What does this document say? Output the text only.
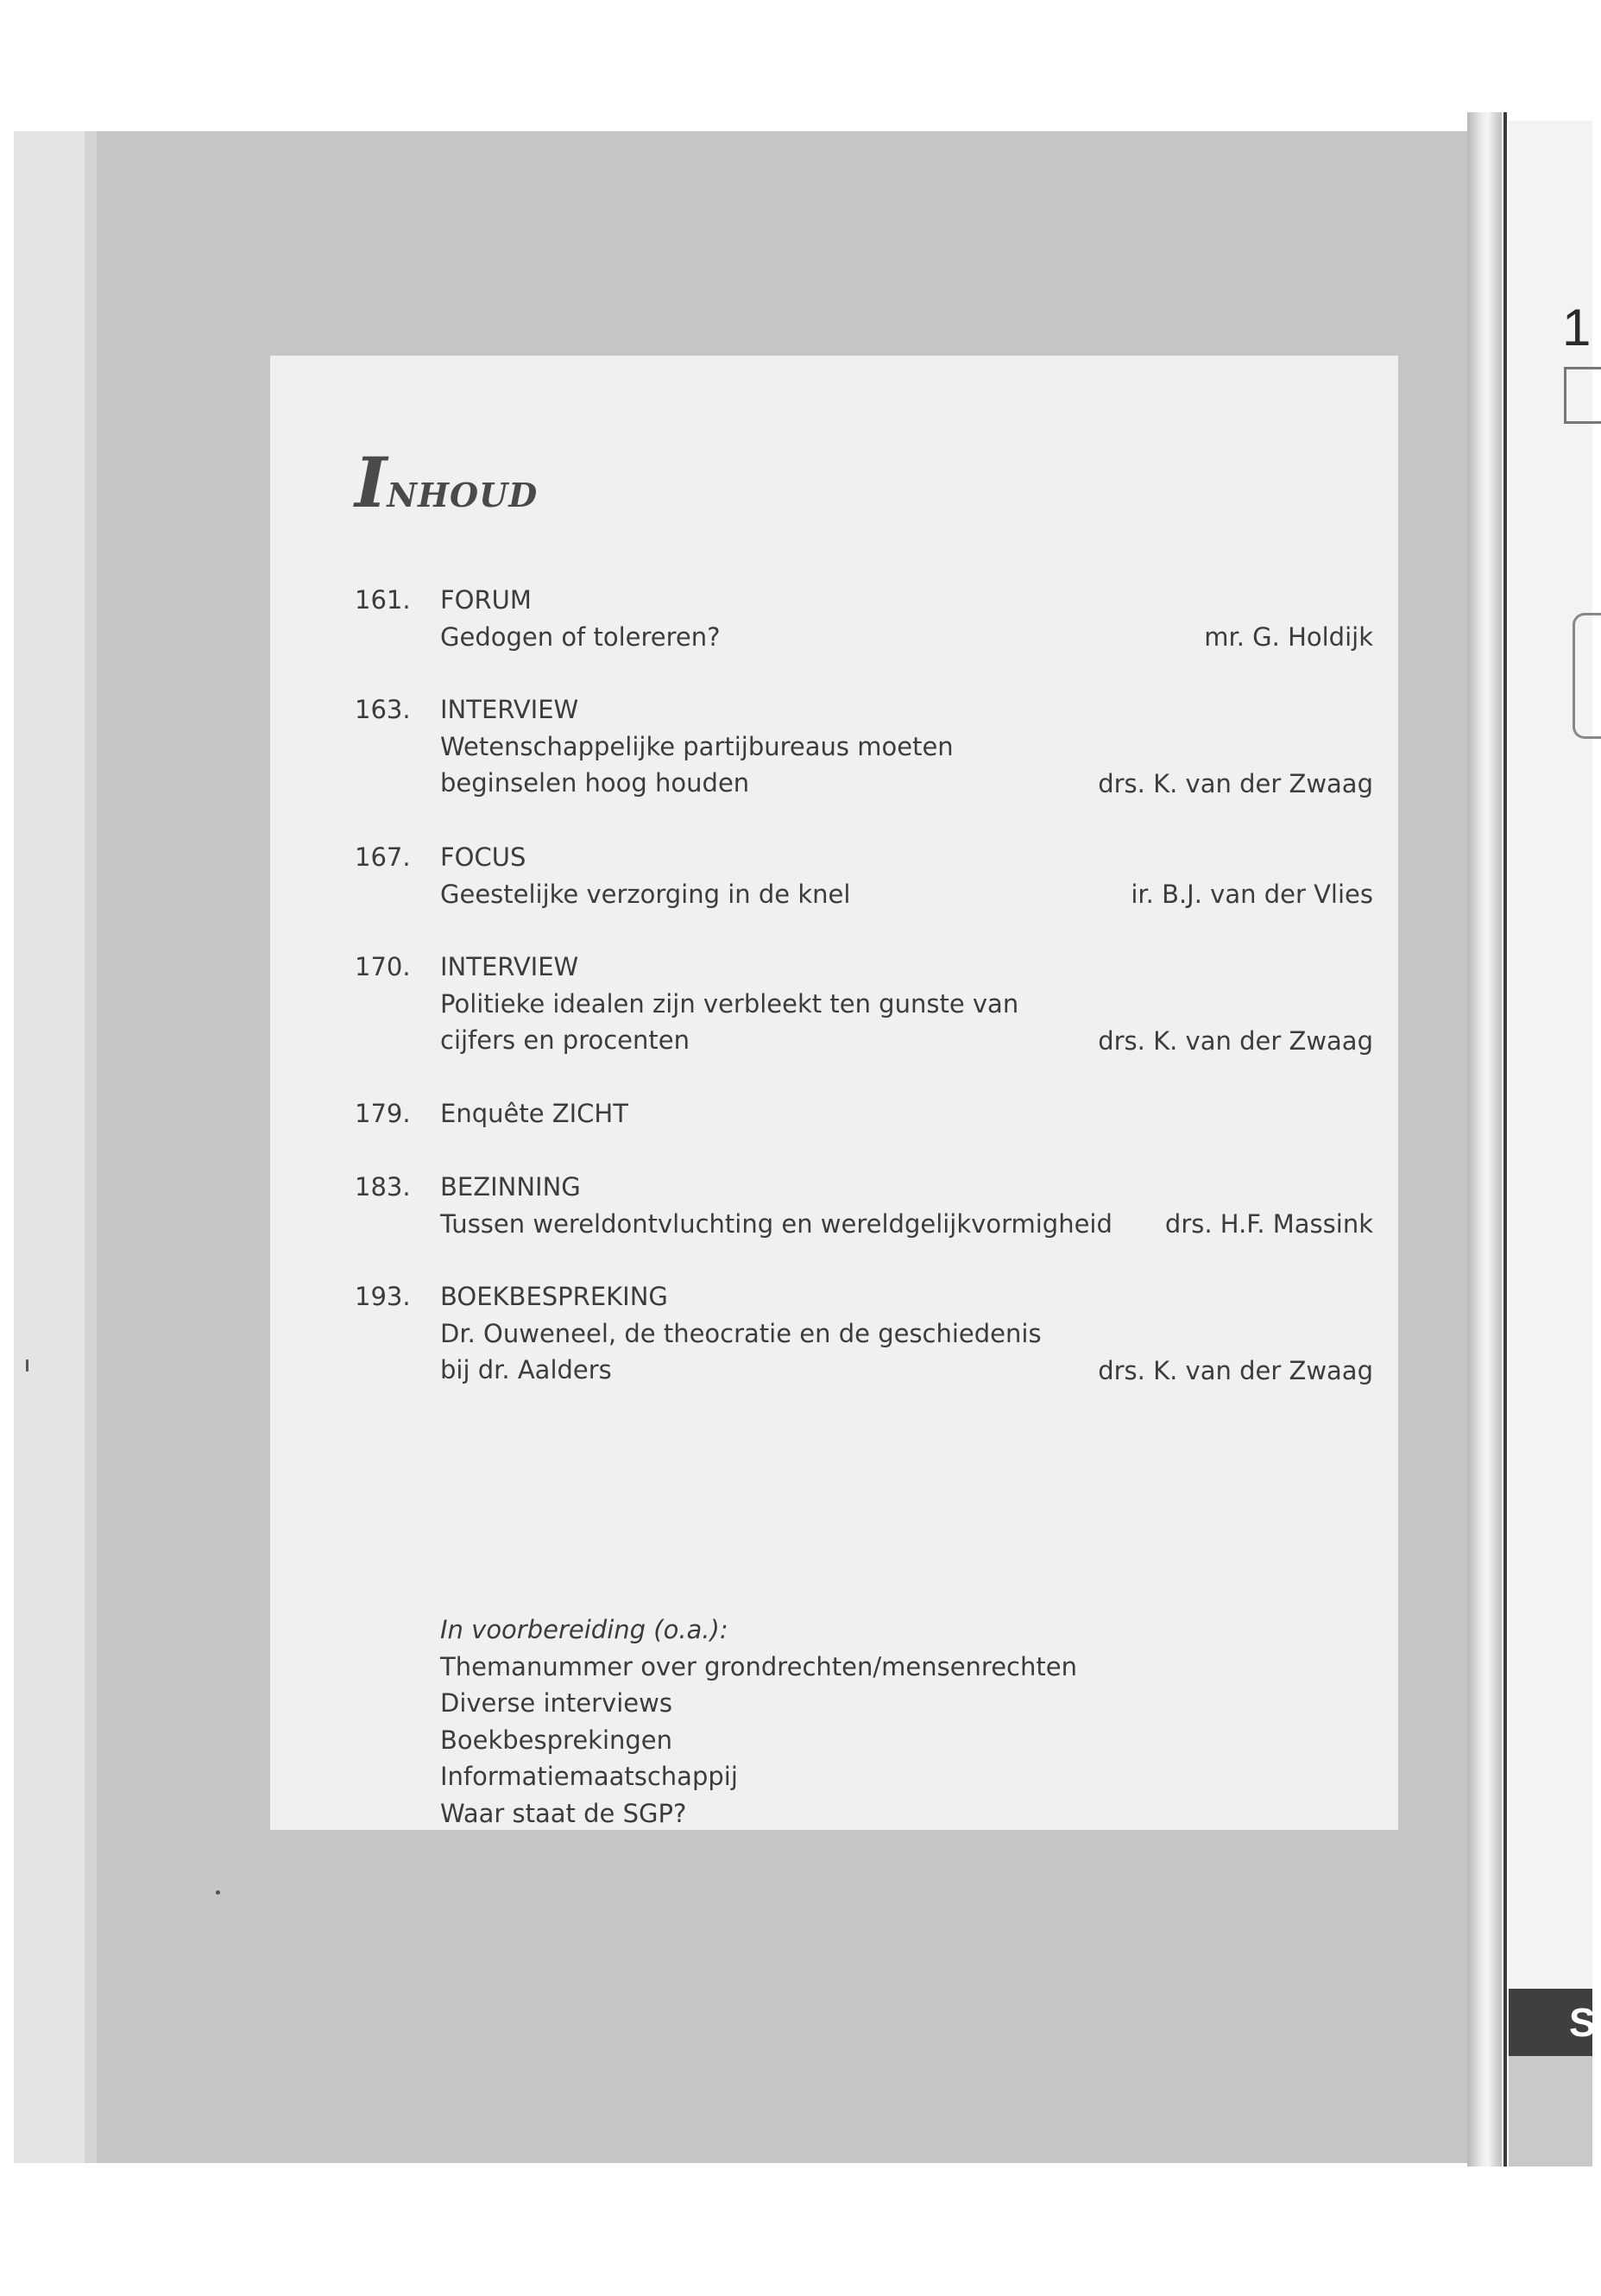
1
S
INHOUD
161. FORUM
Gedogen of tolereren?	mr. G. Holdijk
163. INTERVIEW
Wetenschappelijke partijbureaus moeten
beginselen hoog houden	drs. K. van der Zwaag
167. FOCUS
Geestelijke verzorging in de knel	ir. B.J. van der Vlies
170. INTERVIEW
Politieke idealen zijn verbleekt ten gunste van
cijfers en procenten	drs. K. van der Zwaag
179. Enquête ZICHT
183. BEZINNING
Tussen wereldontvluchting en wereldgelijkvormigheid	drs. H.F. Massink
193. BOEKBESPREKING
Dr. Ouweneel, de theocratie en de geschiedenis
bij dr. Aalders	drs. K. van der Zwaag
In voorbereiding (o.a.):
Themanummer over grondrechten/mensenrechten
Diverse interviews
Boekbesprekingen
Informatiemaatschappij
Waar staat de SGP?
